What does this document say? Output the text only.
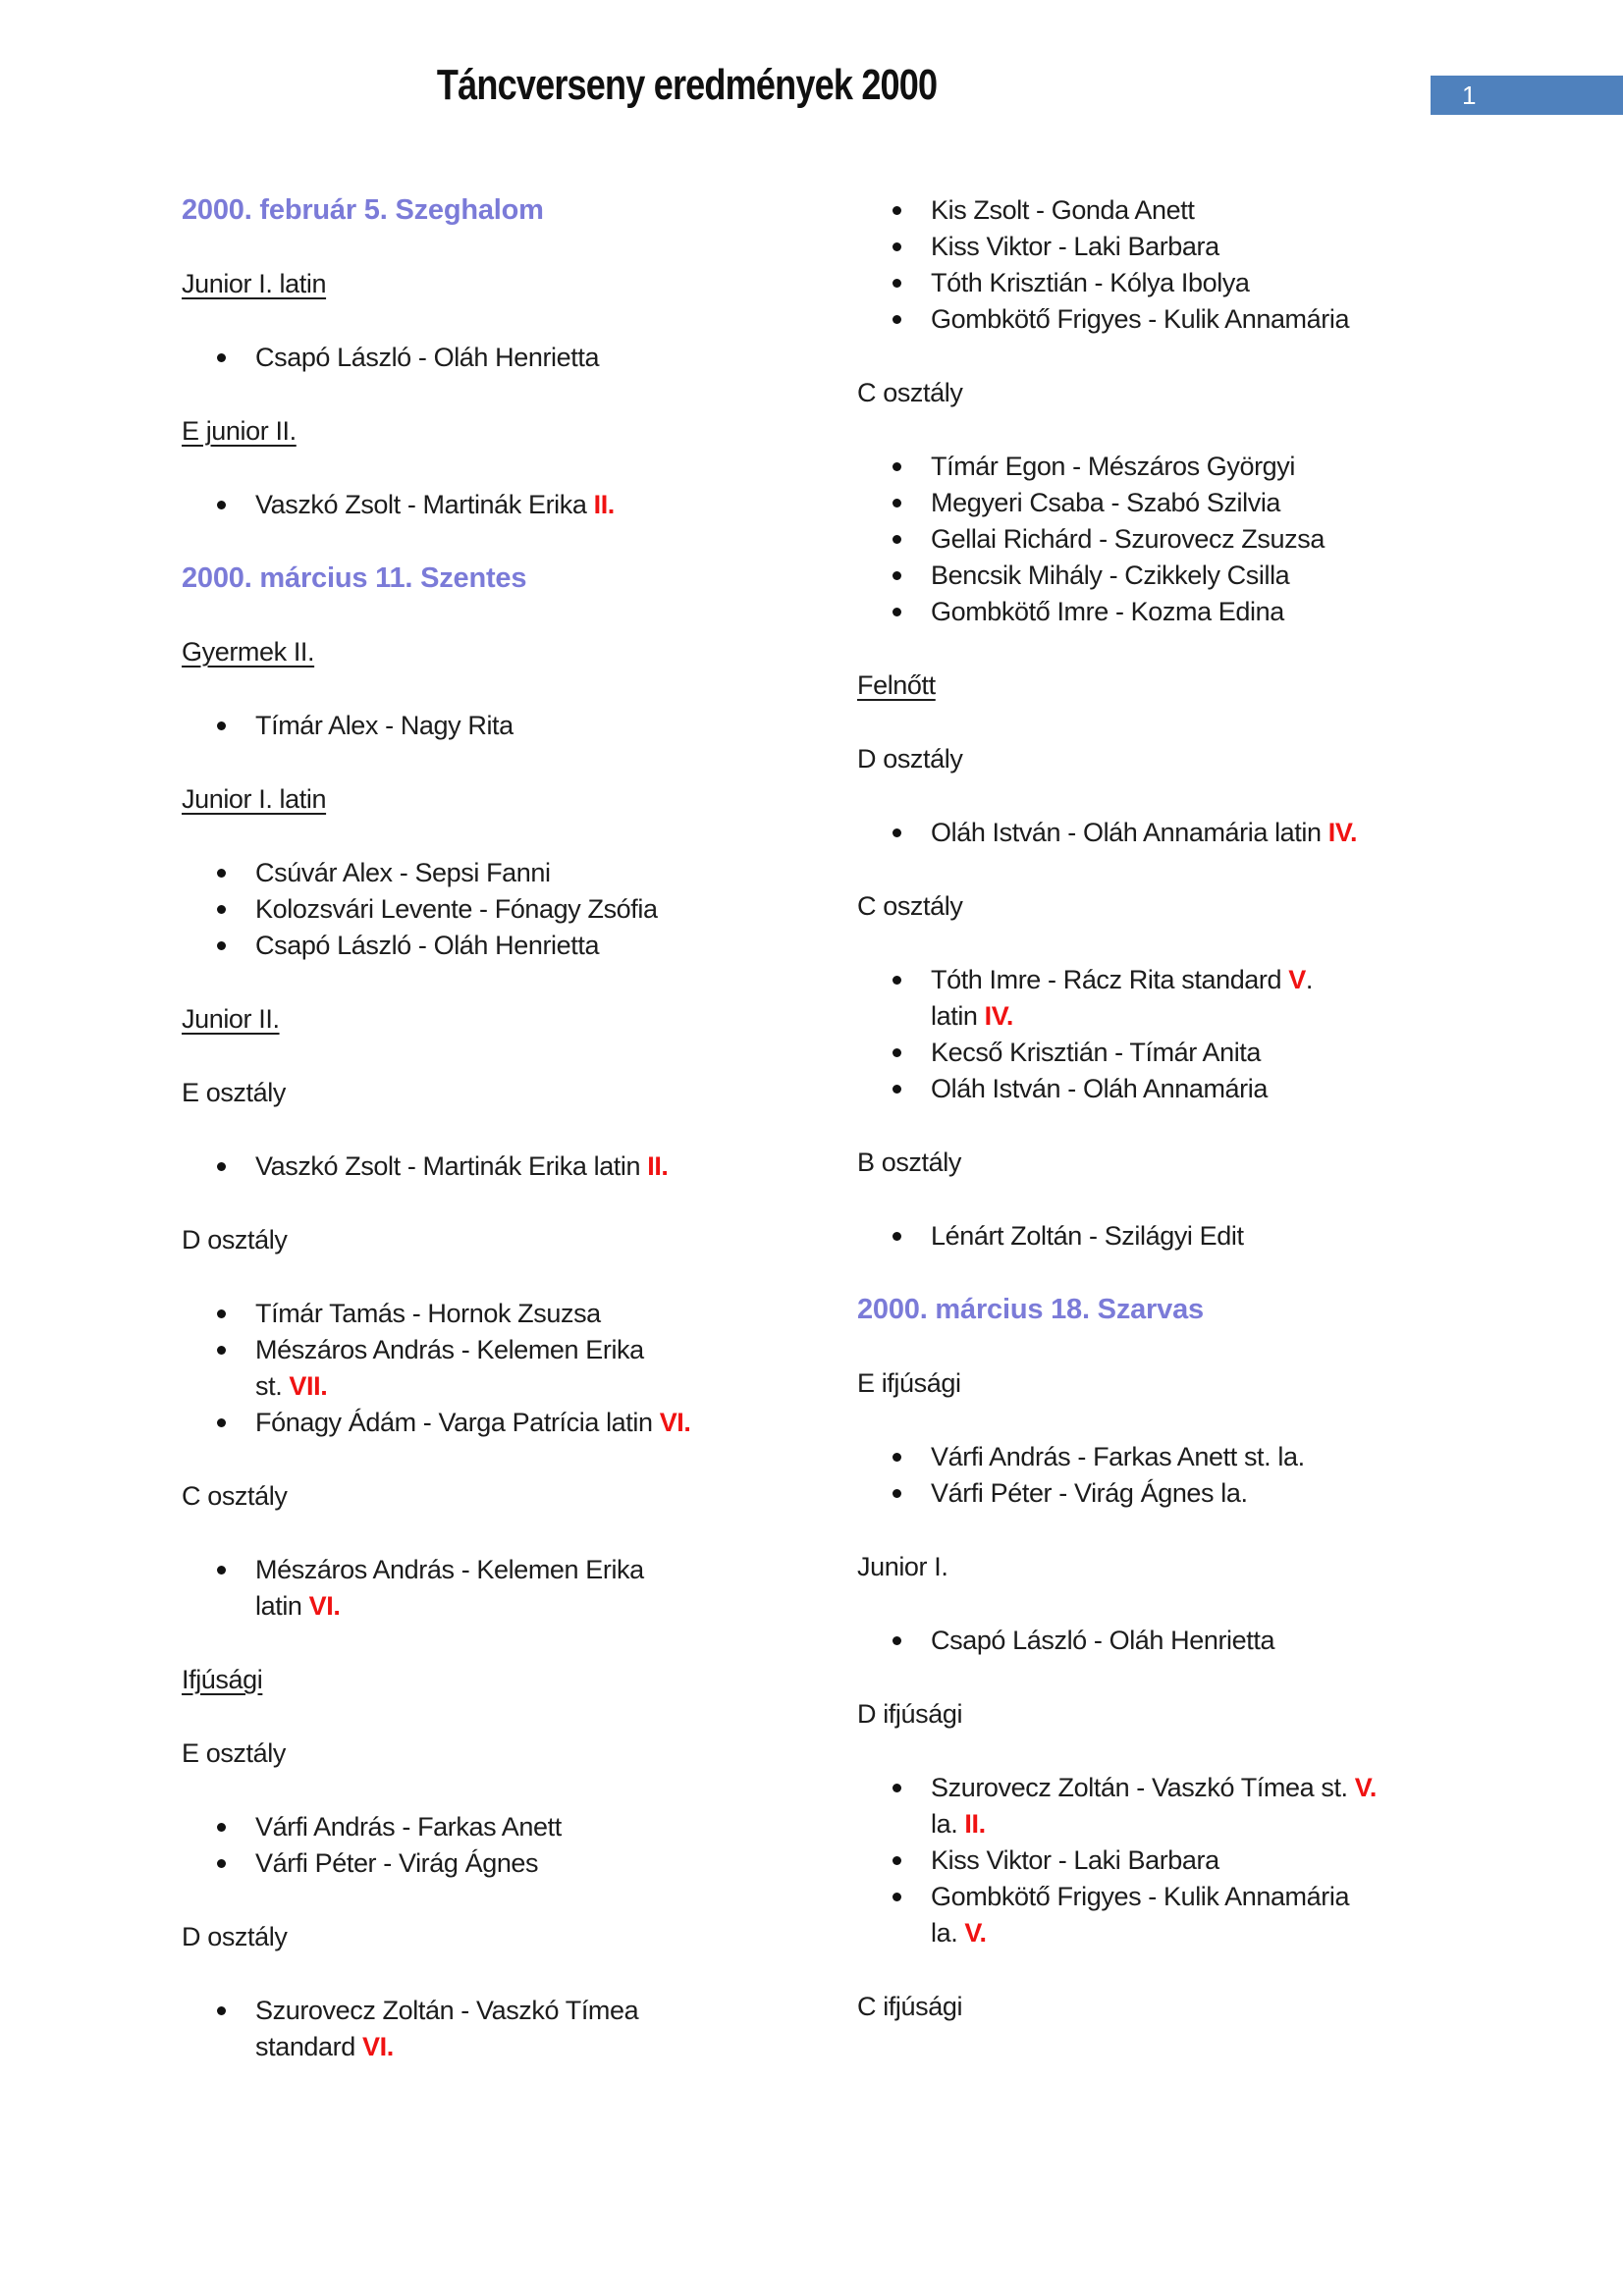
Táncverseny eredmények 2000	1

2000. február 5. Szeghalom

Junior I. latin

Csapó László - Oláh Henrietta

E junior II.

Vaszkó Zsolt - Martinák Erika II.

2000. március 11. Szentes

Gyermek II.

Tímár Alex - Nagy Rita

Junior I. latin

Csúvár Alex - Sepsi Fanni
Kolozsvári Levente - Fónagy Zsófia
Csapó László - Oláh Henrietta

Junior II.

E osztály

Vaszkó Zsolt - Martinák Erika latin II.

D osztály

Tímár Tamás - Hornok Zsuzsa
Mészáros András - Kelemen Erika
st. VII.
Fónagy Ádám - Varga Patrícia latin VI.

C osztály

Mészáros András - Kelemen Erika
latin VI.

Ifjúsági

E osztály

Várfi András - Farkas Anett
Várfi Péter - Virág Ágnes

D osztály

Szurovecz Zoltán - Vaszkó Tímea
standard VI.
Kis Zsolt - Gonda Anett
Kiss Viktor - Laki Barbara
Tóth Krisztián - Kólya Ibolya
Gombkötő Frigyes - Kulik Annamária

C osztály

Tímár Egon - Mészáros Györgyi
Megyeri Csaba - Szabó Szilvia
Gellai Richárd - Szurovecz Zsuzsa
Bencsik Mihály - Czikkely Csilla
Gombkötő Imre - Kozma Edina

Felnőtt

D osztály

Oláh István - Oláh Annamária latin IV.

C osztály

Tóth Imre - Rácz Rita standard V.
latin IV.
Kecső Krisztián - Tímár Anita
Oláh István - Oláh Annamária

B osztály

Lénárt Zoltán - Szilágyi Edit

2000. március 18. Szarvas

E ifjúsági

Várfi András - Farkas Anett st. la.
Várfi Péter - Virág Ágnes la.

Junior I.

Csapó László - Oláh Henrietta

D ifjúsági

Szurovecz Zoltán - Vaszkó Tímea st. V.
la. II.
Kiss Viktor - Laki Barbara
Gombkötő Frigyes - Kulik Annamária
la. V.

C ifjúsági
